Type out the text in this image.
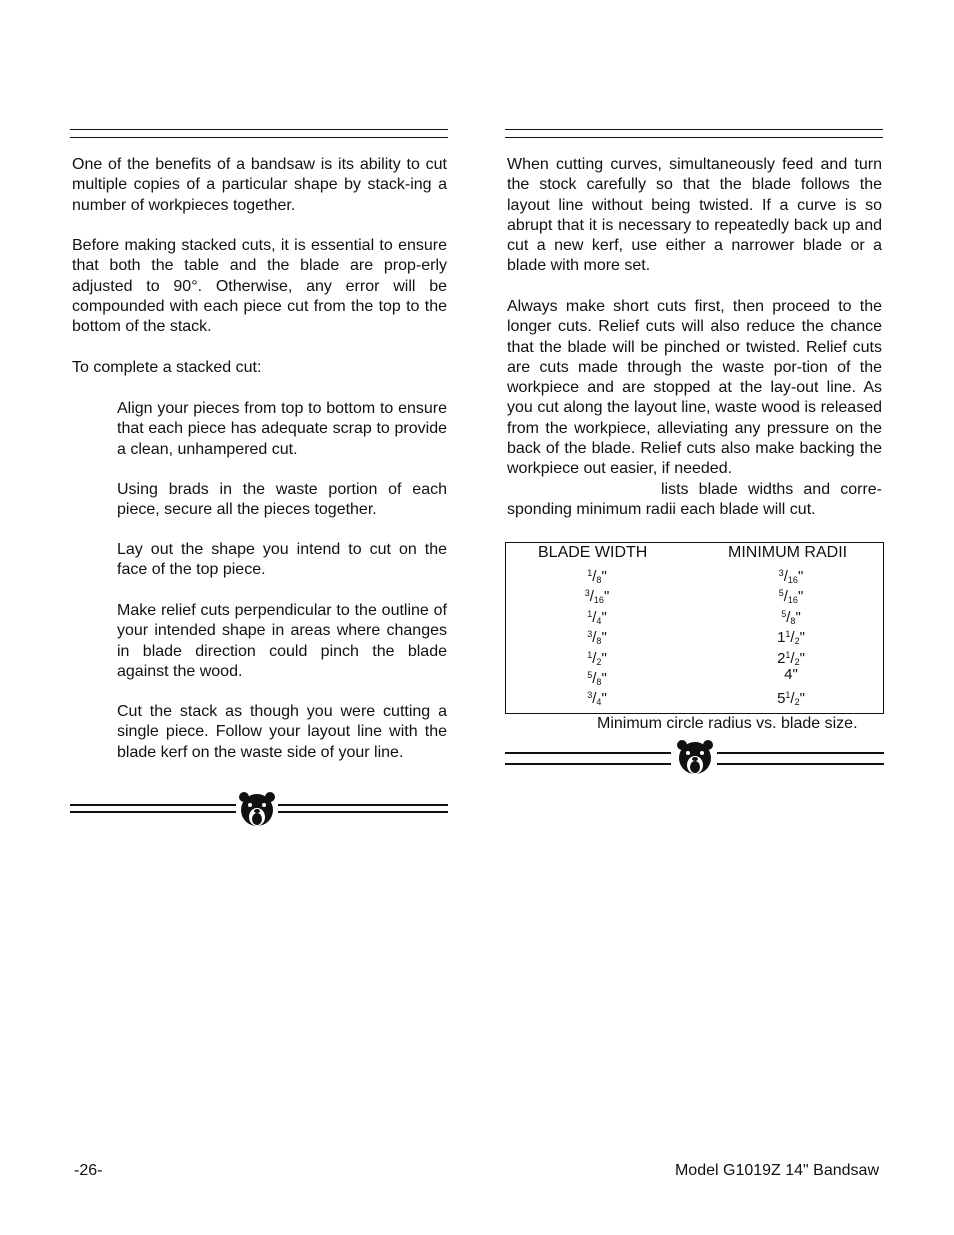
One of the benefits of a bandsaw is its ability to cut multiple copies of a particular shape by stack-ing a number of workpieces together.

Before making stacked cuts, it is essential to ensure that both the table and the blade are prop-erly adjusted to 90°. Otherwise, any error will be compounded with each piece cut from the top to the bottom of the stack.

To complete a stacked cut:

Align your pieces from top to bottom to ensure that each piece has adequate scrap to provide a clean, unhampered cut.

Using brads in the waste portion of each piece, secure all the pieces together.

Lay out the shape you intend to cut on the face of the top piece.

Make relief cuts perpendicular to the outline of your intended shape in areas where changes in blade direction could pinch the blade against the wood.

Cut the stack as though you were cutting a single piece. Follow your layout line with the blade kerf on the waste side of your line.

When cutting curves, simultaneously feed and turn the stock carefully so that the blade follows the layout line without being twisted. If a curve is so abrupt that it is necessary to repeatedly back up and cut a new kerf, use either a narrower blade or a blade with more set.

Always make short cuts first, then proceed to the longer cuts. Relief cuts will also reduce the chance that the blade will be pinched or twisted. Relief cuts are cuts made through the waste por-tion of the workpiece and are stopped at the lay-out line. As you cut along the layout line, waste wood is released from the workpiece, alleviating any pressure on the back of the blade. Relief cuts also make backing the workpiece out easier, if needed.

lists blade widths and corre-sponding minimum radii each blade will cut.

BLADE WIDTH	MINIMUM RADII
$^1/_8$"	$^3/_{16}$"
$^3/_{16}$"	$^5/_{16}$"
$^1/_4$"	$^5/_8$"
$^3/_8$"	$1^1/_2$"
$^1/_2$"	$2^1/_2$"
$^5/_8$"	4"
$^3/_4$"	$5^1/_2$"
Minimum circle radius vs. blade size.
-26-	Model G1019Z 14" Bandsaw
